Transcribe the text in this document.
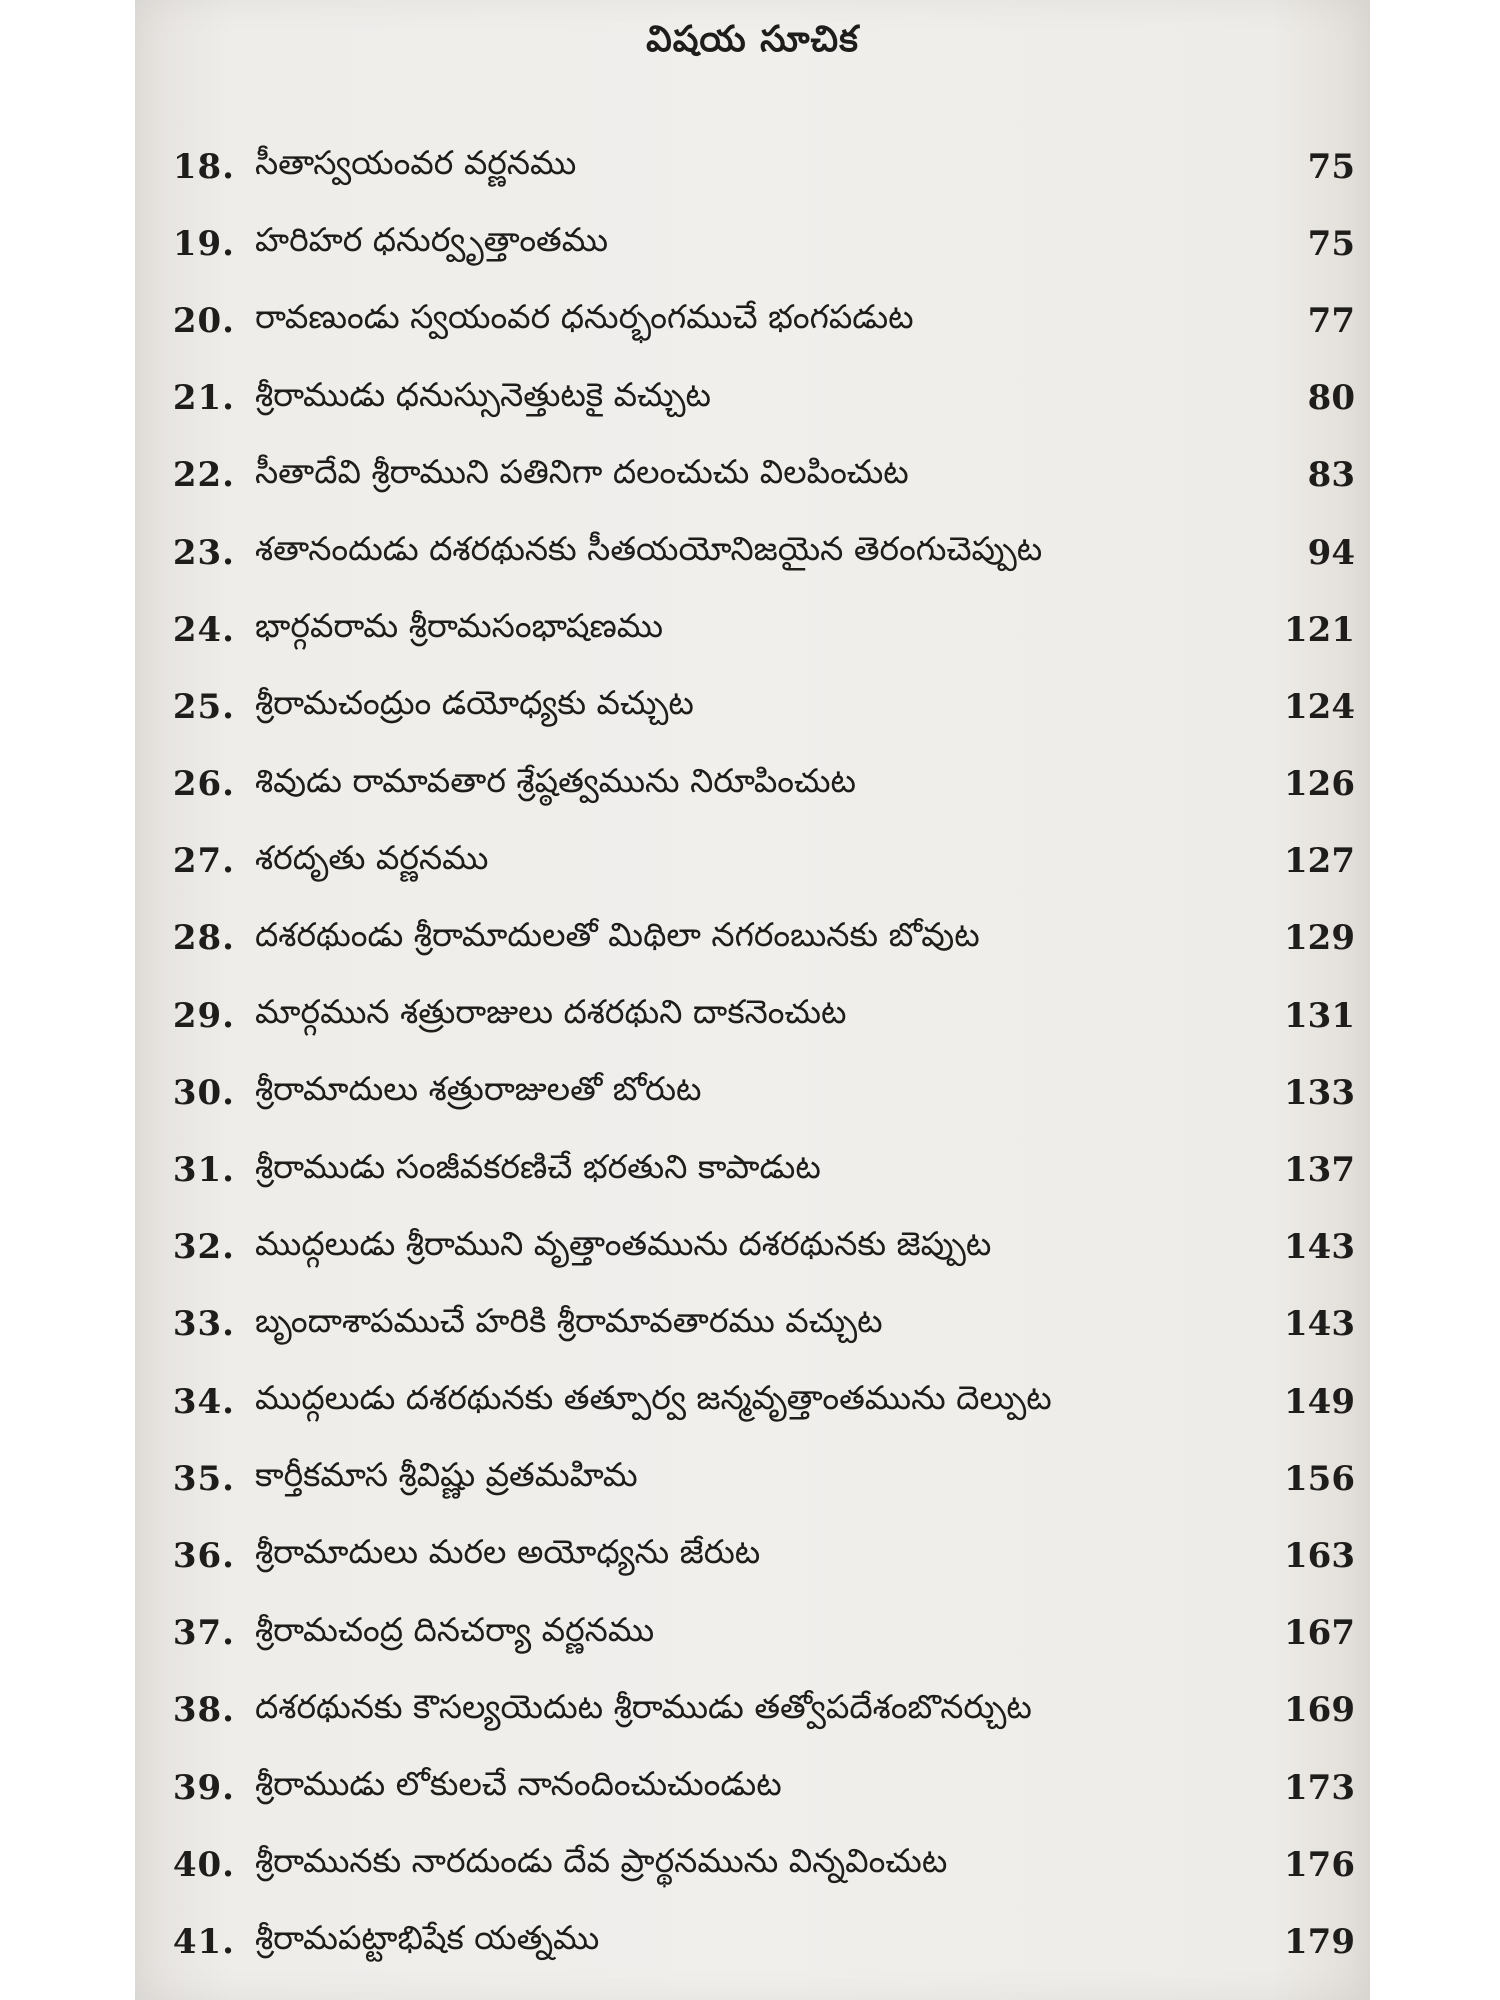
విషయ సూచిక
18. సీతాస్వయంవర వర్ణనము	75
19. హరిహర ధనుర్వృత్తాంతము	75
20. రావణుండు స్వయంవర ధనుర్భంగముచే భంగపడుట	77
21. శ్రీరాముడు ధనుస్సునెత్తుటకై వచ్చుట	80
22. సీతాదేవి శ్రీరాముని పతినిగా దలంచుచు విలపించుట	83
23. శతానందుడు దశరథునకు సీతయయోనిజయైన తెరంగుచెప్పుట	94
24. భార్గవరామ శ్రీరామసంభాషణము	121
25. శ్రీరామచంద్రుం డయోధ్యకు వచ్చుట	124
26. శివుడు రామావతార శ్రేష్ఠత్వమును నిరూపించుట	126
27. శరదృతు వర్ణనము	127
28. దశరథుండు శ్రీరామాదులతో మిథిలా నగరంబునకు బోవుట	129
29. మార్గమున శత్రురాజులు దశరథుని దాకనెంచుట	131
30. శ్రీరామాదులు శత్రురాజులతో బోరుట	133
31. శ్రీరాముడు సంజీవకరణిచే భరతుని కాపాడుట	137
32. ముద్గలుడు శ్రీరాముని వృత్తాంతమును దశరథునకు జెప్పుట	143
33. బృందాశాపముచే హరికి శ్రీరామావతారము వచ్చుట	143
34. ముద్గలుడు దశరథునకు తత్పూర్వ జన్మవృత్తాంతమును దెల్పుట	149
35. కార్తీకమాస శ్రీవిష్ణు వ్రతమహిమ	156
36. శ్రీరామాదులు మరల అయోధ్యను జేరుట	163
37. శ్రీరామచంద్ర దినచర్యా వర్ణనము	167
38. దశరథునకు కౌసల్యయెదుట శ్రీరాముడు తత్వోపదేశంబొనర్చుట	169
39. శ్రీరాముడు లోకులచే నానందించుచుండుట	173
40. శ్రీరామునకు నారదుండు దేవ ప్రార్థనమును విన్నవించుట	176
41. శ్రీరామపట్టాభిషేక యత్నము	179
